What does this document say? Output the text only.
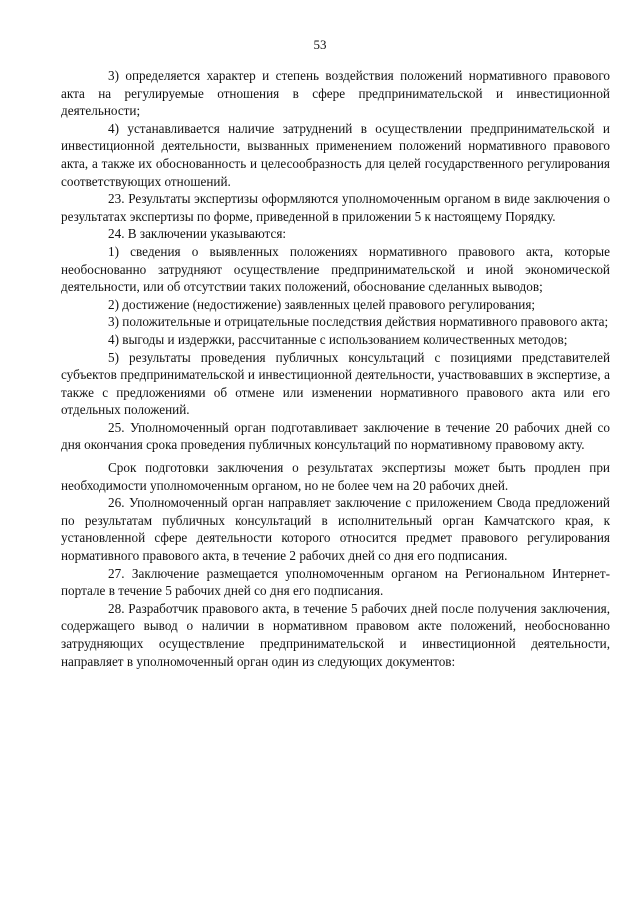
53

3) определяется характер и степень воздействия положений нормативного правового акта на регулируемые отношения в сфере предпринимательской и инвестиционной деятельности;

4) устанавливается наличие затруднений в осуществлении предпринимательской и инвестиционной деятельности, вызванных применением положений нормативного правового акта, а также их обоснованность и целесообразность для целей государственного регулирования соответствующих отношений.

23. Результаты экспертизы оформляются уполномоченным органом в виде заключения о результатах экспертизы по форме, приведенной в приложении 5 к настоящему Порядку.

24. В заключении указываются:

1) сведения о выявленных положениях нормативного правового акта, которые необоснованно затрудняют осуществление предпринимательской и иной экономической деятельности, или об отсутствии таких положений, обоснование сделанных выводов;

2) достижение (недостижение) заявленных целей правового регулирования;

3) положительные и отрицательные последствия действия нормативного правового акта;

4) выгоды и издержки, рассчитанные с использованием количественных методов;

5) результаты проведения публичных консультаций с позициями представителей субъектов предпринимательской и инвестиционной деятельности, участвовавших в экспертизе, а также с предложениями об отмене или изменении нормативного правового акта или его отдельных положений.

25. Уполномоченный орган подготавливает заключение в течение 20 рабочих дней со дня окончания срока проведения публичных консультаций по нормативному правовому акту.

Срок подготовки заключения о результатах экспертизы может быть продлен при необходимости уполномоченным органом, но не более чем на 20 рабочих дней.

26. Уполномоченный орган направляет заключение с приложением Свода предложений по результатам публичных консультаций в исполнительный орган Камчатского края, к установленной сфере деятельности которого относится предмет правового регулирования нормативного правового акта, в течение 2 рабочих дней со дня его подписания.

27. Заключение размещается уполномоченным органом на Региональном Интернет-портале в течение 5 рабочих дней со дня его подписания.

28. Разработчик правового акта, в течение 5 рабочих дней после получения заключения, содержащего вывод о наличии в нормативном правовом акте положений, необоснованно затрудняющих осуществление предпринимательской и инвестиционной деятельности, направляет в уполномоченный орган один из следующих документов:
